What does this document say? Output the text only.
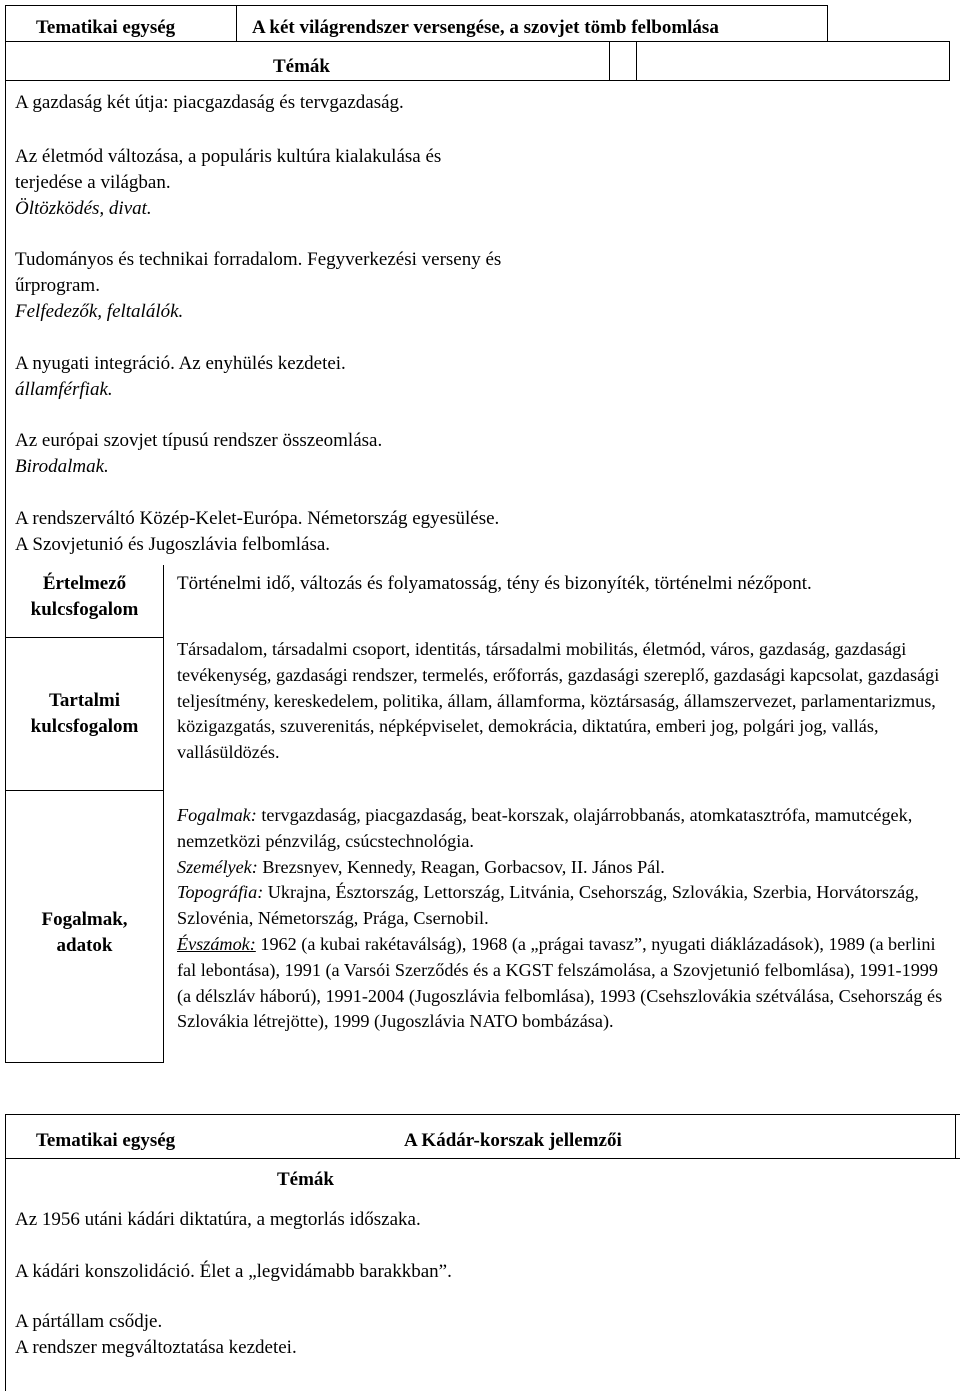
Tematikai egység	A két világrendszer versengése, a szovjet tömb felbomlása
Témák
A gazdaság két útja: piacgazdaság és tervgazdaság.
Az életmód változása, a populáris kultúra kialakulása és
terjedése a világban.
Öltözködés, divat.
Tudományos és technikai forradalom. Fegyverkezési verseny és
űrprogram.
Felfedezők, feltalálók.
A nyugati integráció. Az enyhülés kezdetei.
államférfiak.
Az európai szovjet típusú rendszer összeomlása.
Birodalmak.
A rendszerváltó Közép-Kelet-Európa. Németország egyesülése.
A Szovjetunió és Jugoszlávia felbomlása.
Értelmező
kulcsfogalom
Történelmi idő, változás és folyamatosság, tény és bizonyíték, történelmi nézőpont.
Tartalmi
kulcsfogalom

Társadalom, társadalmi csoport, identitás, társadalmi mobilitás, életmód, város, gazdaság, gazdasági tevékenység, gazdasági rendszer, termelés, erőforrás, gazdasági szereplő, gazdasági kapcsolat, gazdasági teljesítmény, kereskedelem, politika, állam, államforma, köztársaság, államszervezet, parlamentarizmus, közigazgatás, szuverenitás, népképviselet, demokrácia, diktatúra, emberi jog, polgári jog, vallás, vallásüldözés.

Fogalmak,
adatok

Fogalmak: tervgazdaság, piacgazdaság, beat-korszak, olajárrobbanás, atomkatasztrófa, mamutcégek, nemzetközi pénzvilág, csúcstechnológia.

Személyek: Brezsnyev, Kennedy, Reagan, Gorbacsov, II. János Pál.

Topográfia: Ukrajna, Észtország, Lettország, Litvánia, Csehország, Szlovákia, Szerbia, Horvátország, Szlovénia, Németország, Prága, Csernobil.

Évszámok: 1962 (a kubai rakétaválság), 1968 (a „prágai tavasz”, nyugati diáklázadások), 1989 (a berlini fal lebontása), 1991 (a Varsói Szerződés és a KGST felszámolása, a Szovjetunió felbomlása), 1991-1999 (a délszláv háború), 1991-2004 (Jugoszlávia felbomlása), 1993 (Csehszlovákia szétválása, Csehország és Szlovákia létrejötte), 1999 (Jugoszlávia NATO bombázása).

Tematikai egység	A Kádár-korszak jellemzői
Témák
Az 1956 utáni kádári diktatúra, a megtorlás időszaka.
A kádári konszolidáció. Élet a „legvidámabb barakkban”.
A pártállam csődje.
A rendszer megváltoztatása kezdetei.
